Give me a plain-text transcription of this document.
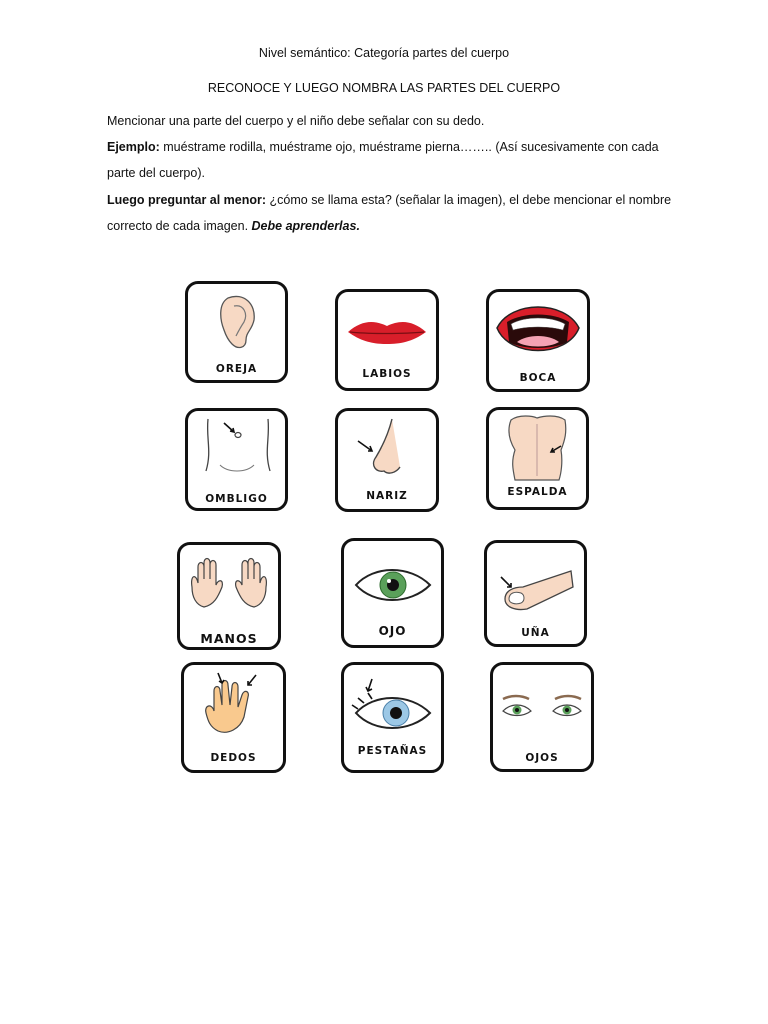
Nivel semántico: Categoría partes del cuerpo
RECONOCE Y LUEGO NOMBRA LAS PARTES DEL CUERPO
Mencionar una parte del cuerpo y el niño debe señalar con su dedo.
Ejemplo: muéstrame rodilla, muéstrame ojo, muéstrame pierna…….. (Así sucesivamente con cada
parte del cuerpo).
Luego preguntar al menor: ¿cómo se llama esta? (señalar la imagen), el debe mencionar el nombre
correcto de cada imagen. Debe aprenderlas.
OREJA	LABIOS	BOCA
OMBLIGO	NARIZ	ESPALDA
MANOS	OJO	UÑA
DEDOS
PESTAÑAS
OJOS
